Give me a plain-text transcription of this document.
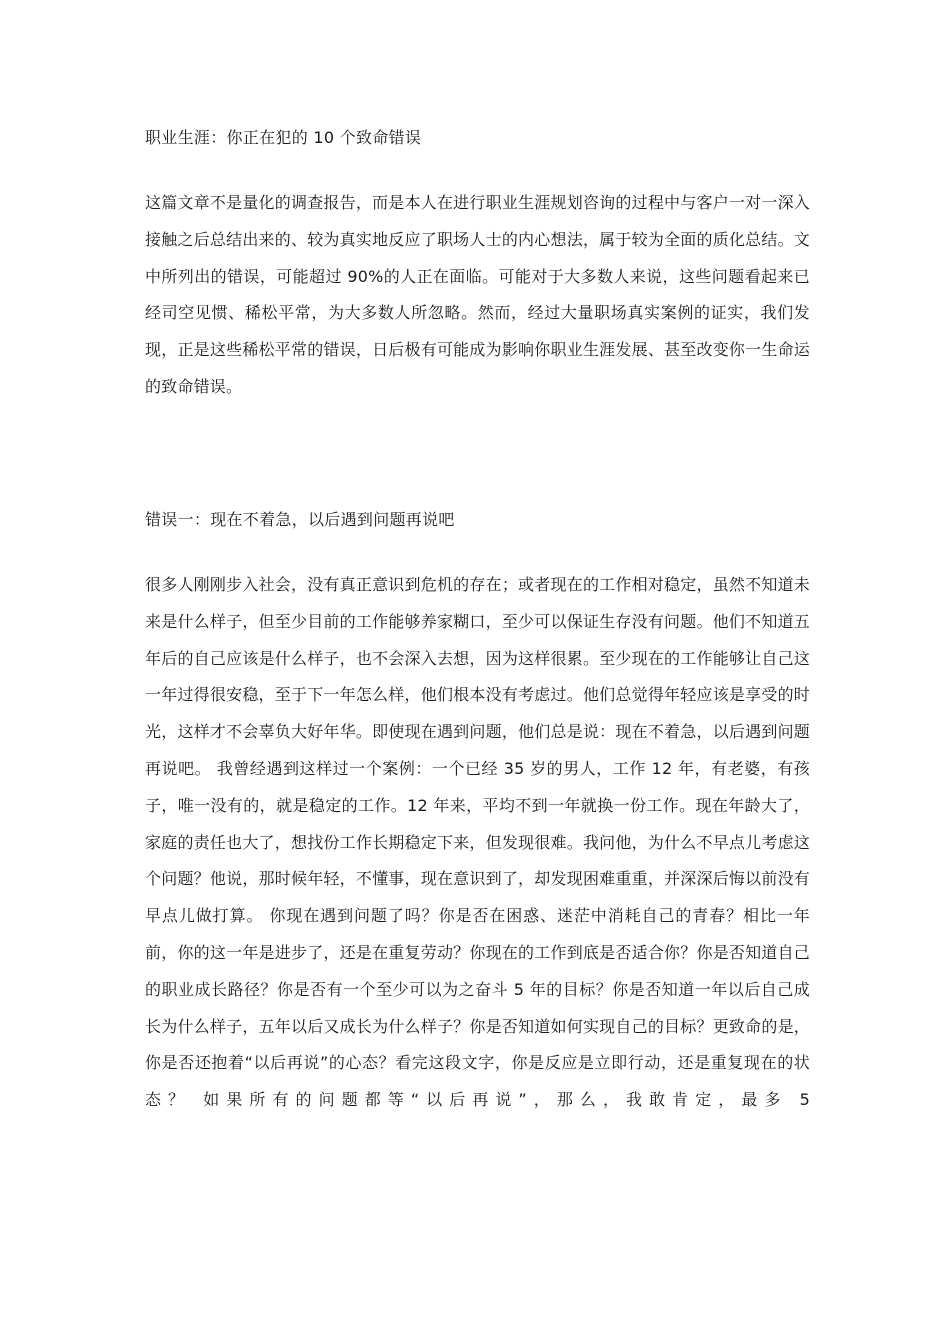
职业生涯：你正在犯的 10 个致命错误

这篇文章不是量化的调查报告，而是本人在进行职业生涯规划咨询的过程中与客户一对一深入接触之后总结出来的、较为真实地反应了职场人士的内心想法，属于较为全面的质化总结。文中所列出的错误，可能超过 90%的人正在面临。可能对于大多数人来说，这些问题看起来已经司空见惯、稀松平常，为大多数人所忽略。然而，经过大量职场真实案例的证实，我们发现，正是这些稀松平常的错误，日后极有可能成为影响你职业生涯发展、甚至改变你一生命运的致命错误。

错误一：现在不着急，以后遇到问题再说吧

很多人刚刚步入社会，没有真正意识到危机的存在；或者现在的工作相对稳定，虽然不知道未来是什么样子，但至少目前的工作能够养家糊口，至少可以保证生存没有问题。他们不知道五年后的自己应该是什么样子，也不会深入去想，因为这样很累。至少现在的工作能够让自己这一年过得很安稳，至于下一年怎么样，他们根本没有考虑过。他们总觉得年轻应该是享受的时光，这样才不会辜负大好年华。即使现在遇到问题，他们总是说：现在不着急，以后遇到问题再说吧。 我曾经遇到这样过一个案例：一个已经 35 岁的男人，工作 12 年，有老婆，有孩子，唯一没有的，就是稳定的工作。12 年来，平均不到一年就换一份工作。现在年龄大了，家庭的责任也大了，想找份工作长期稳定下来，但发现很难。我问他，为什么不早点儿考虑这个问题？他说，那时候年轻，不懂事，现在意识到了，却发现困难重重，并深深后悔以前没有早点儿做打算。 你现在遇到问题了吗？你是否在困惑、迷茫中消耗自己的青春？相比一年前，你的这一年是进步了，还是在重复劳动？你现在的工作到底是否适合你？你是否知道自己的职业成长路径？你是否有一个至少可以为之奋斗 5 年的目标？你是否知道一年以后自己成长为什么样子，五年以后又成长为什么样子？你是否知道如何实现自己的目标？更致命的是，你是否还抱着“以后再说”的心态？看完这段文字，你是反应是立即行动，还是重复现在的状态？ 如果所有的问题都等“以后再说”，那么，我敢肯定，最多 5
